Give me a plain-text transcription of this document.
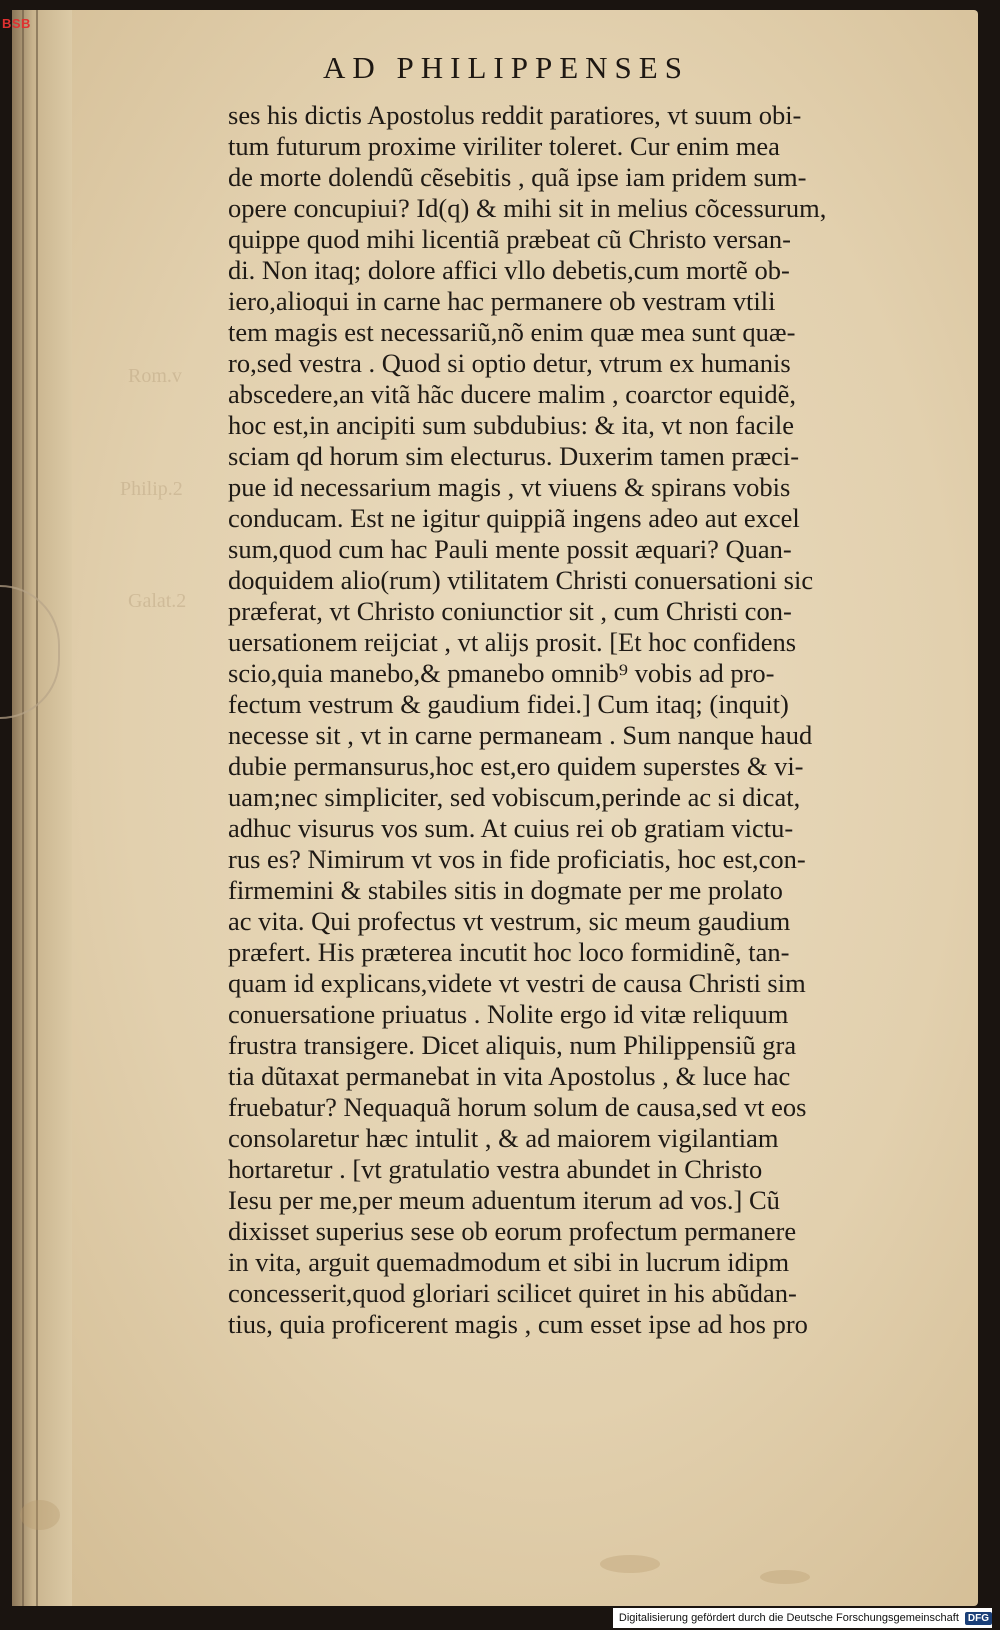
BSB
Rom.v
Philip.2
Galat.2
AD PHILIPPENSES
ses his dictis Apostolus reddit paratiores, vt suum obi-
tum futurum proxime viriliter toleret. Cur enim mea
de morte dolendũ cẽsebitis , quã ipse iam pridem sum-
opere concupiui? Id(q) & mihi sit in melius cõcessurum,
quippe quod mihi licentiã præbeat cũ Christo versan-
di. Non itaq; dolore affici vllo debetis,cum mortẽ ob-
iero,alioqui in carne hac permanere ob vestram vtili
tem magis est necessariũ,nõ enim quæ mea sunt quæ-
ro,sed vestra . Quod si optio detur, vtrum ex humanis
abscedere,an vitã hãc ducere malim , coarctor equidẽ,
hoc est,in ancipiti sum subdubius: & ita, vt non facile
sciam qd horum sim electurus. Duxerim tamen præci-
pue id necessarium magis , vt viuens & spirans vobis
conducam. Est ne igitur quippiã ingens adeo aut excel
sum,quod cum hac Pauli mente possit æquari? Quan-
doquidem alio(rum) vtilitatem Christi conuersationi sic
præferat, vt Christo coniunctior sit , cum Christi con-
uersationem reijciat , vt alijs prosit. [Et hoc confidens
scio,quia manebo,& pmanebo omnib⁹ vobis ad pro-
fectum vestrum & gaudium fidei.] Cum itaq; (inquit)
necesse sit , vt in carne permaneam . Sum nanque haud
dubie permansurus,hoc est,ero quidem superstes & vi-
uam;nec simpliciter, sed vobiscum,perinde ac si dicat,
adhuc visurus vos sum. At cuius rei ob gratiam victu-
rus es? Nimirum vt vos in fide proficiatis, hoc est,con-
firmemini & stabiles sitis in dogmate per me prolato
ac vita. Qui profectus vt vestrum, sic meum gaudium
præfert. His præterea incutit hoc loco formidinẽ, tan-
quam id explicans,videte vt vestri de causa Christi sim
conuersatione priuatus . Nolite ergo id vitæ reliquum
frustra transigere. Dicet aliquis, num Philippensiũ gra
tia dũtaxat permanebat in vita Apostolus , & luce hac
fruebatur? Nequaquã horum solum de causa,sed vt eos
consolaretur hæc intulit , & ad maiorem vigilantiam
hortaretur . [vt gratulatio vestra abundet in Christo
Iesu per me,per meum aduentum iterum ad vos.] Cũ
dixisset superius sese ob eorum profectum permanere
in vita, arguit quemadmodum et sibi in lucrum idipm
concesserit,quod gloriari scilicet quiret in his abũdan-
tius, quia proficerent magis , cum esset ipse ad hos pro
Digitalisierung gefördert durch die Deutsche Forschungsgemeinschaft DFG
